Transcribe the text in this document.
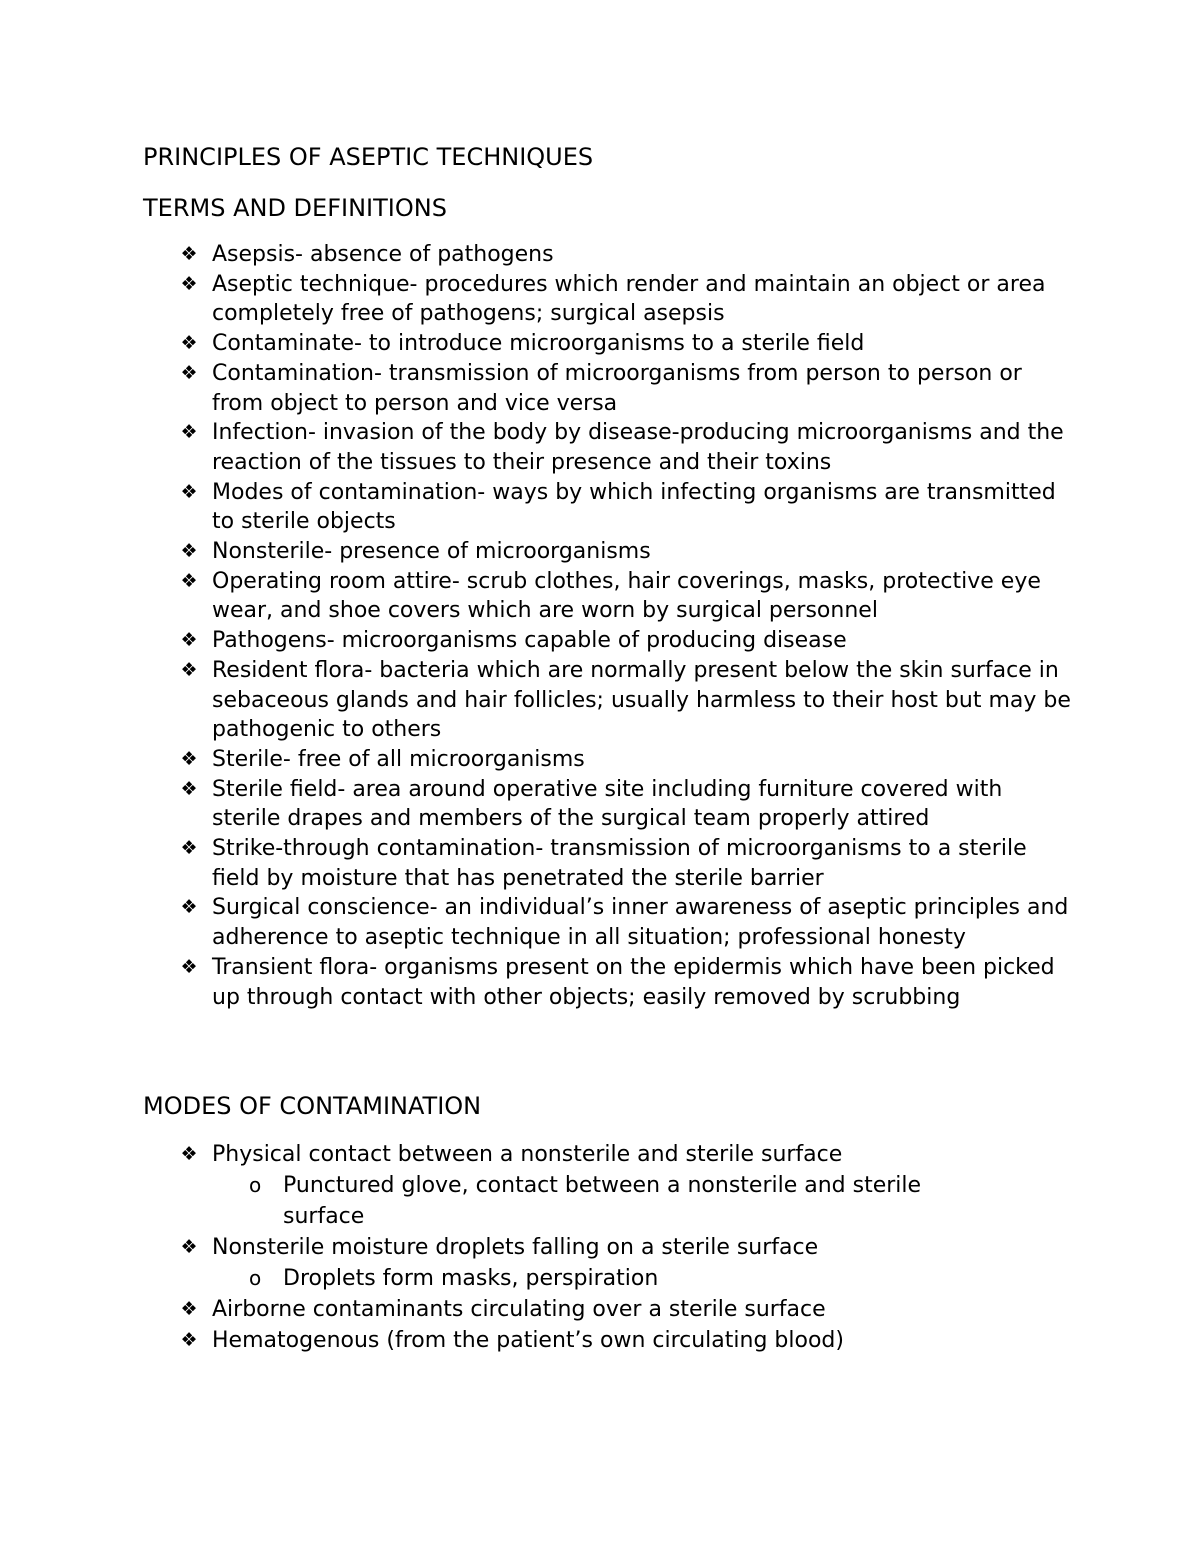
PRINCIPLES OF ASEPTIC TECHNIQUES
TERMS AND DEFINITIONS
❖ Asepsis- absence of pathogens
❖ Aseptic technique- procedures which render and maintain an object or area completely free of pathogens; surgical asepsis
❖ Contaminate- to introduce microorganisms to a sterile field
❖ Contamination- transmission of microorganisms from person to person or from object to person and vice versa
❖ Infection- invasion of the body by disease-producing microorganisms and the reaction of the tissues to their presence and their toxins
❖ Modes of contamination- ways by which infecting organisms are transmitted to sterile objects
❖ Nonsterile- presence of microorganisms
❖ Operating room attire- scrub clothes, hair coverings, masks, protective eye wear, and shoe covers which are worn by surgical personnel
❖ Pathogens- microorganisms capable of producing disease
❖ Resident flora- bacteria which are normally present below the skin surface in sebaceous glands and hair follicles; usually harmless to their host but may be pathogenic to others
❖ Sterile- free of all microorganisms
❖ Sterile field- area around operative site including furniture covered with sterile drapes and members of the surgical team properly attired
❖ Strike-through contamination- transmission of microorganisms to a sterile field by moisture that has penetrated the sterile barrier
❖ Surgical conscience- an individual’s inner awareness of aseptic principles and adherence to aseptic technique in all situation; professional honesty
❖ Transient flora- organisms present on the epidermis which have been picked up through contact with other objects; easily removed by scrubbing
MODES OF CONTAMINATION
❖ Physical contact between a nonsterile and sterile surface
o Punctured glove, contact between a nonsterile and sterile surface
❖ Nonsterile moisture droplets falling on a sterile surface
o Droplets form masks, perspiration
❖ Airborne contaminants circulating over a sterile surface
❖ Hematogenous (from the patient’s own circulating blood)
